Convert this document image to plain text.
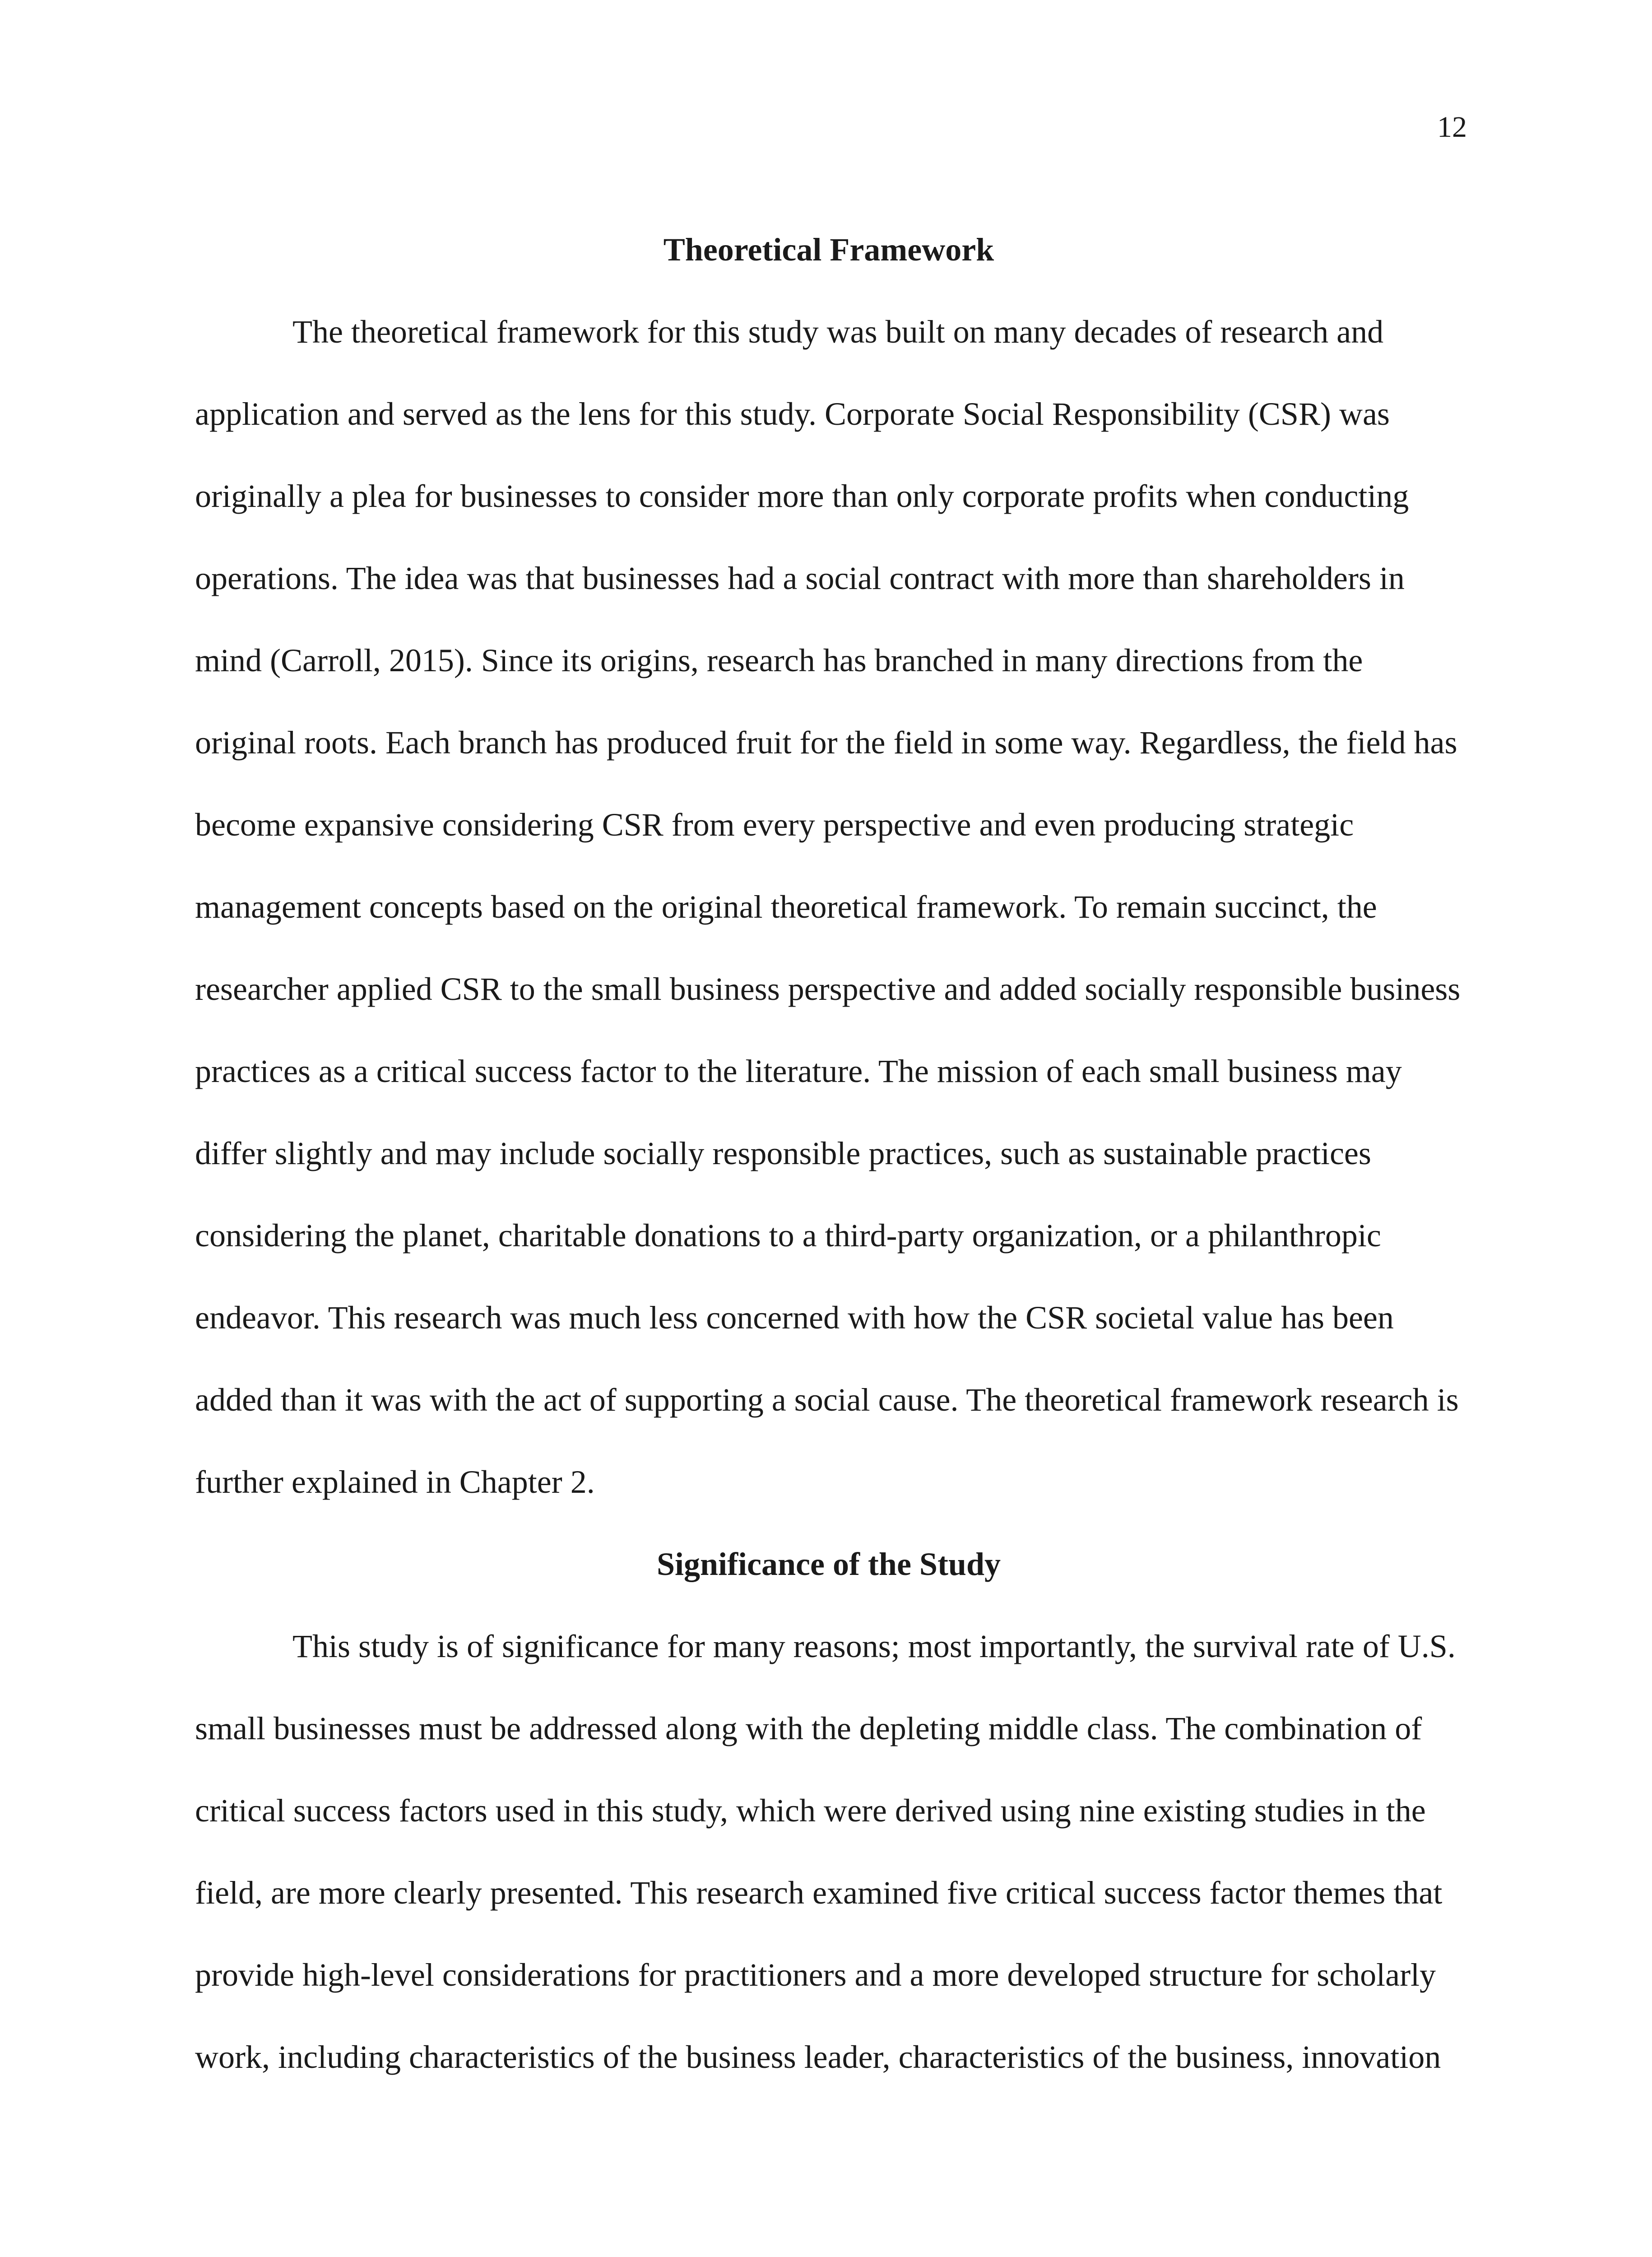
12
Theoretical Framework
The theoretical framework for this study was built on many decades of research and
application and served as the lens for this study. Corporate Social Responsibility (CSR) was
originally a plea for businesses to consider more than only corporate profits when conducting
operations. The idea was that businesses had a social contract with more than shareholders in
mind (Carroll, 2015). Since its origins, research has branched in many directions from the
original roots. Each branch has produced fruit for the field in some way. Regardless, the field has
become expansive considering CSR from every perspective and even producing strategic
management concepts based on the original theoretical framework. To remain succinct, the
researcher applied CSR to the small business perspective and added socially responsible business
practices as a critical success factor to the literature. The mission of each small business may
differ slightly and may include socially responsible practices, such as sustainable practices
considering the planet, charitable donations to a third-party organization, or a philanthropic
endeavor. This research was much less concerned with how the CSR societal value has been
added than it was with the act of supporting a social cause. The theoretical framework research is
further explained in Chapter 2.
Significance of the Study
This study is of significance for many reasons; most importantly, the survival rate of U.S.
small businesses must be addressed along with the depleting middle class. The combination of
critical success factors used in this study, which were derived using nine existing studies in the
field, are more clearly presented. This research examined five critical success factor themes that
provide high-level considerations for practitioners and a more developed structure for scholarly
work, including characteristics of the business leader, characteristics of the business, innovation
